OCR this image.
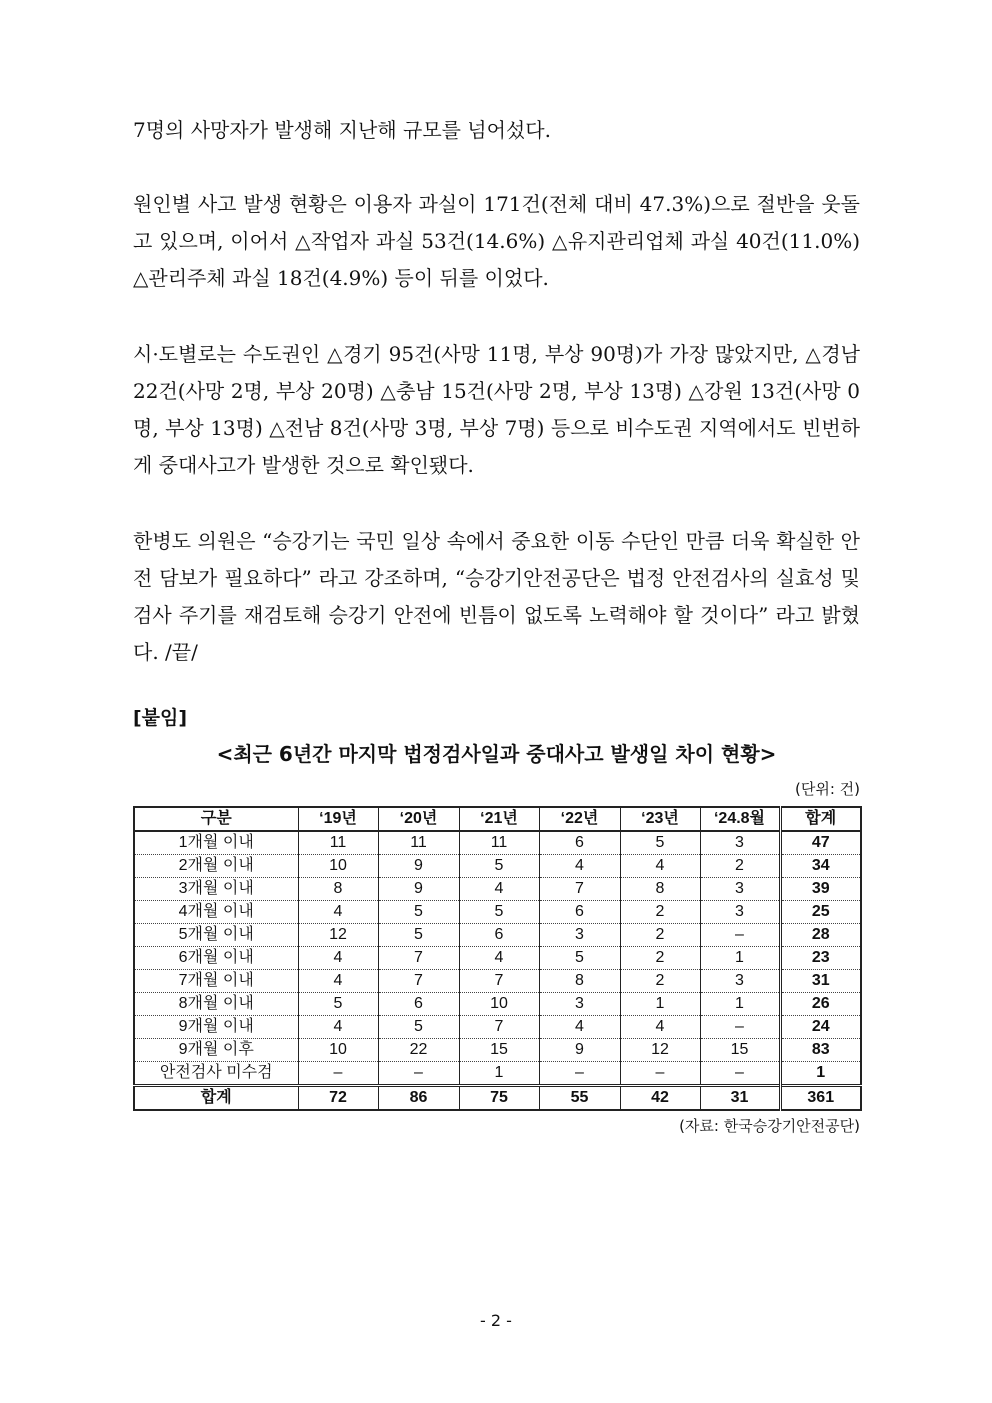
7명의 사망자가 발생해 지난해 규모를 넘어섰다.

원인별 사고 발생 현황은 이용자 과실이 171건(전체 대비 47.3%)으로 절반을 웃돌고 있으며, 이어서 △작업자 과실 53건(14.6%) △유지관리업체 과실 40건(11.0%) △관리주체 과실 18건(4.9%) 등이 뒤를 이었다.

시·도별로는 수도권인 △경기 95건(사망 11명, 부상 90명)가 가장 많았지만, △경남 22건(사망 2명, 부상 20명) △충남 15건(사망 2명, 부상 13명) △강원 13건(사망 0명, 부상 13명) △전남 8건(사망 3명, 부상 7명) 등으로 비수도권 지역에서도 빈번하게 중대사고가 발생한 것으로 확인됐다.

한병도 의원은 “승강기는 국민 일상 속에서 중요한 이동 수단인 만큼 더욱 확실한 안전 담보가 필요하다” 라고 강조하며, “승강기안전공단은 법정 안전검사의 실효성 및 검사 주기를 재검토해 승강기 안전에 빈틈이 없도록 노력해야 할 것이다” 라고 밝혔다. /끝/

[붙임]
<최근 6년간 마지막 법정검사일과 중대사고 발생일 차이 현황>
(단위: 건)
구분	‘19년	‘20년	‘21년	‘22년	‘23년	‘24.8월	합계
1개월 이내	11	11	11	6	5	3	47
2개월 이내	10	9	5	4	4	2	34
3개월 이내	8	9	4	7	8	3	39
4개월 이내	4	5	5	6	2	3	25
5개월 이내	12	5	6	3	2	–	28
6개월 이내	4	7	4	5	2	1	23
7개월 이내	4	7	7	8	2	3	31
8개월 이내	5	6	10	3	1	1	26
9개월 이내	4	5	7	4	4	–	24
9개월 이후	10	22	15	9	12	15	83
안전검사 미수검	–	–	1	–	–	–	1
합계	72	86	75	55	42	31	361
(자료: 한국승강기안전공단)
- 2 -
